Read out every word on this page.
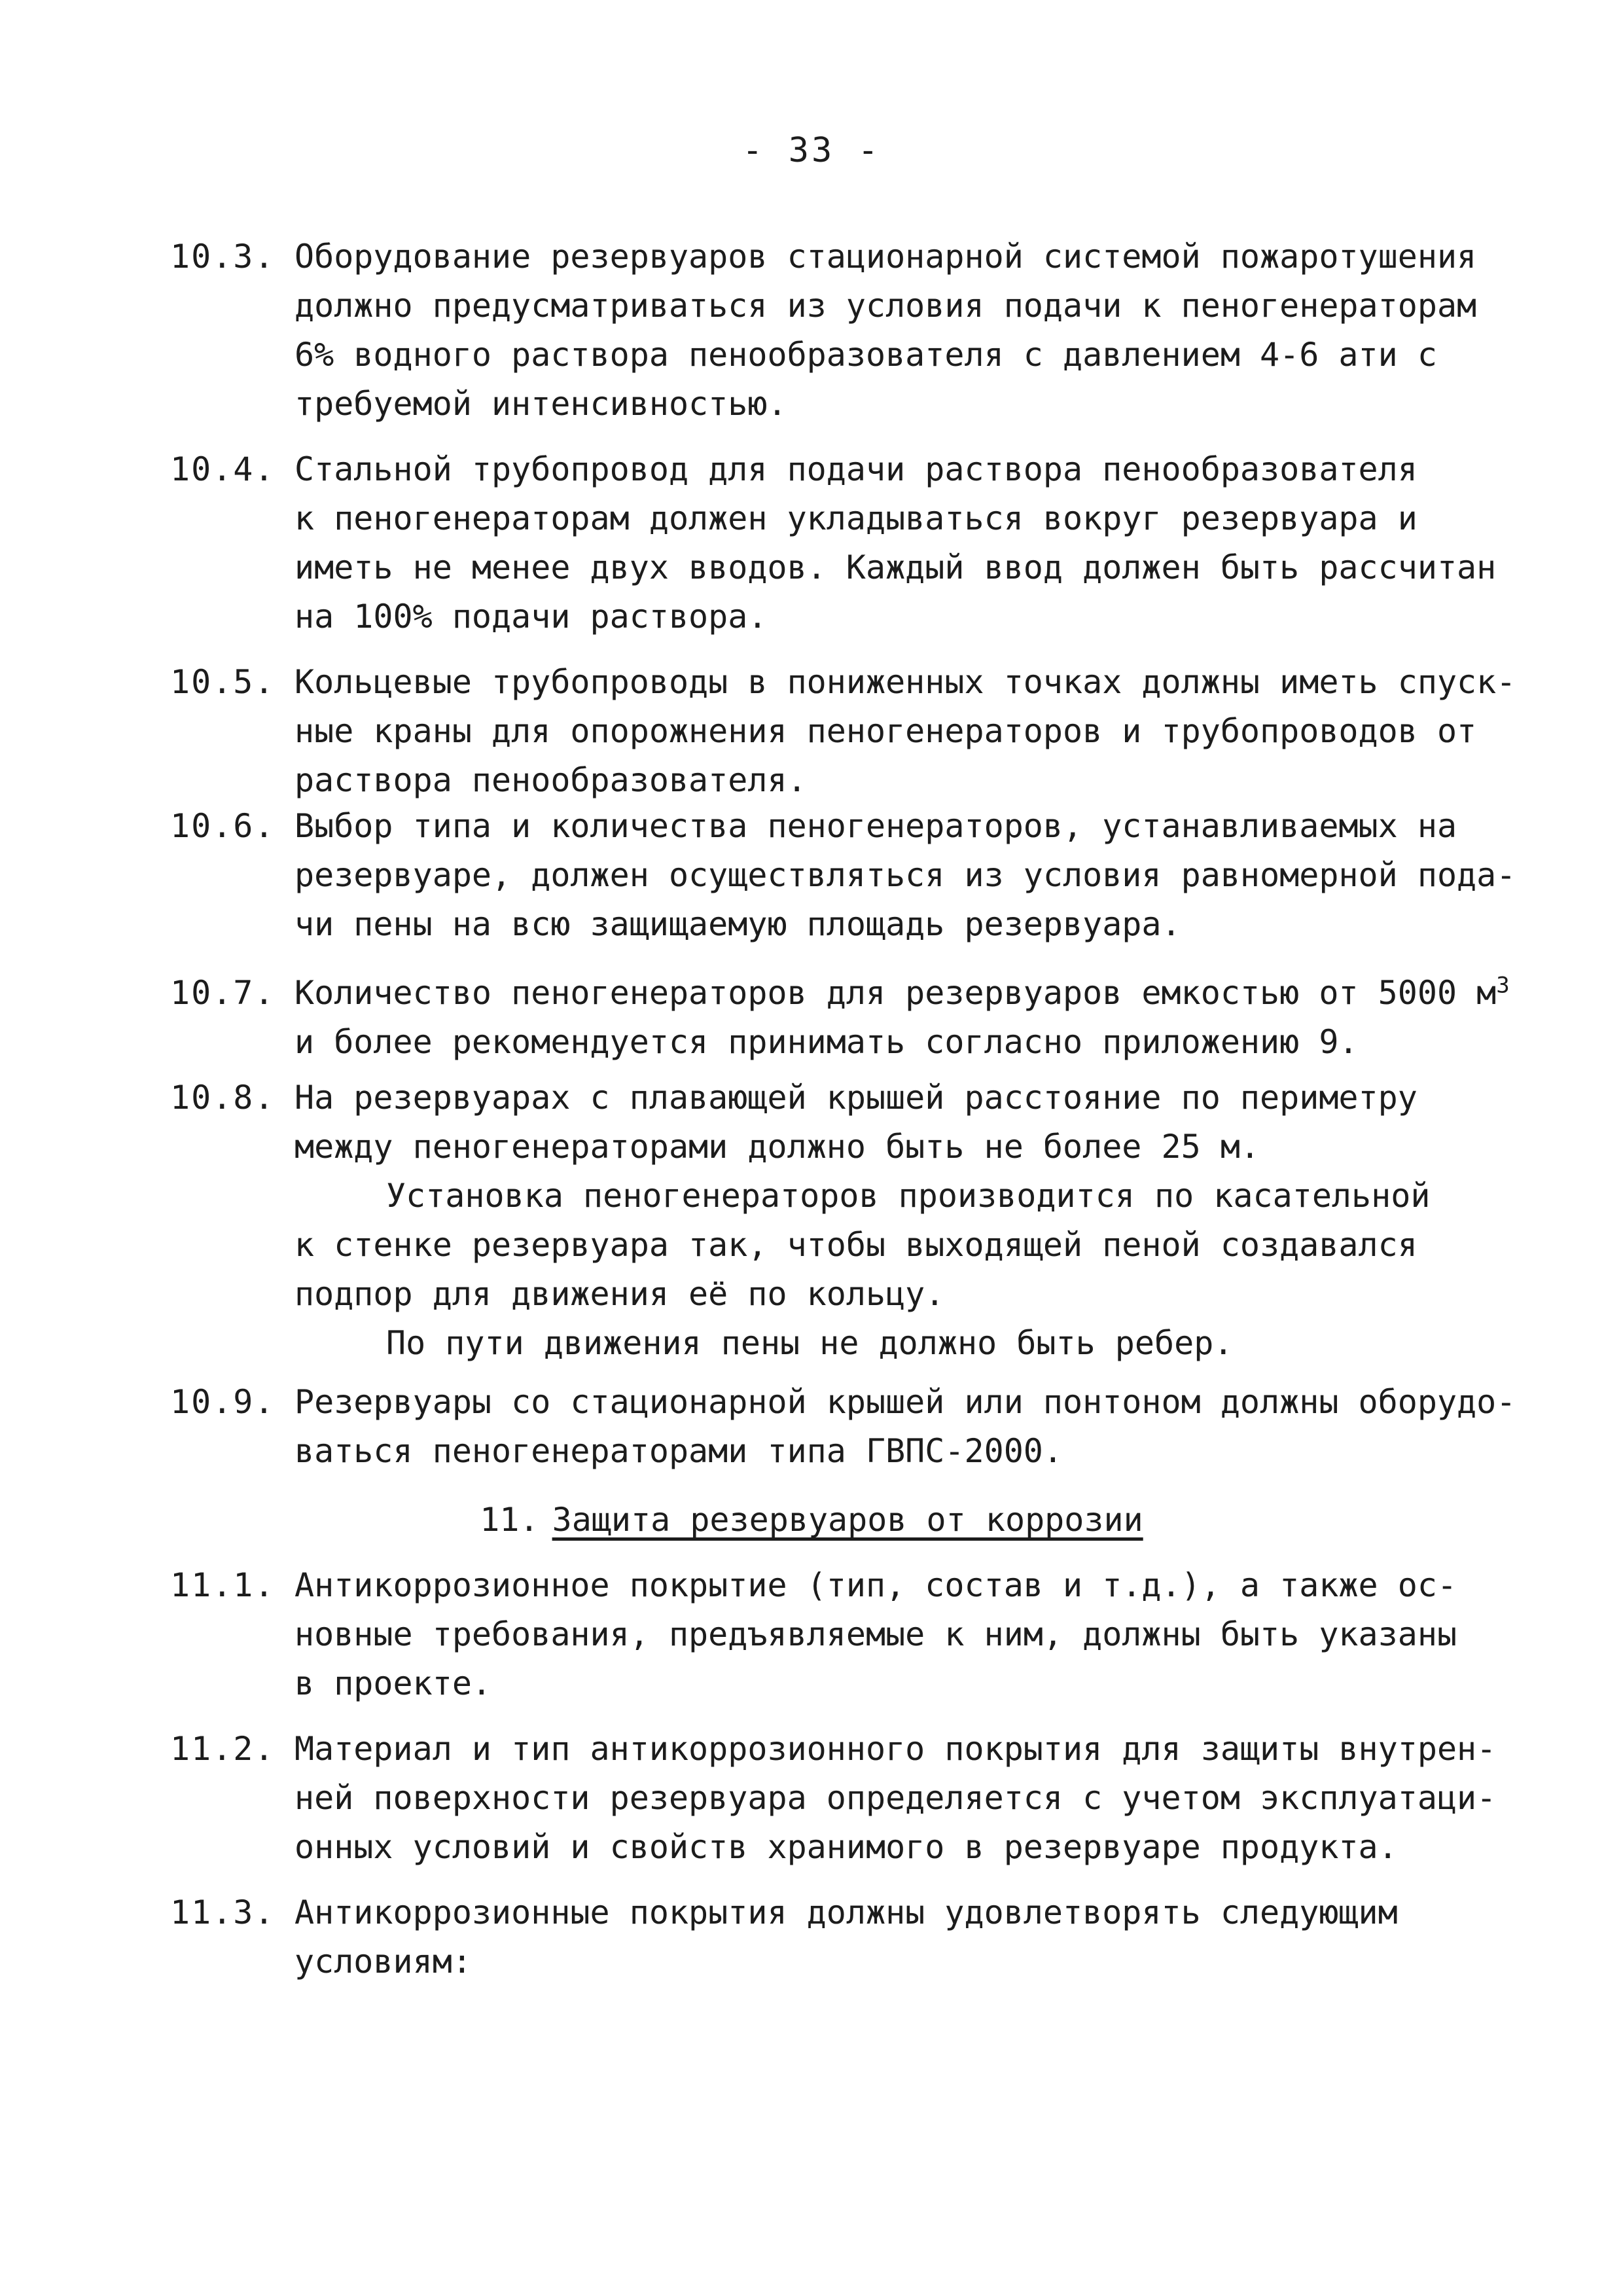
- 33 -
10.3. Оборудование резервуаров стационарной системой пожаротушения
должно предусматриваться из условия подачи к пеногенераторам
6% водного раствора пенообразователя с давлением 4-6 ати с
требуемой интенсивностью.
10.4. Стальной трубопровод для подачи раствора пенообразователя
к пеногенераторам должен укладываться вокруг резервуара и
иметь не менее двух вводов. Каждый ввод должен быть рассчитан
на 100% подачи раствора.
10.5. Кольцевые трубопроводы в пониженных точках должны иметь спуск-
ные краны для опорожнения пеногенераторов и трубопроводов от
раствора пенообразователя.
10.6. Выбор типа и количества пеногенераторов, устанавливаемых на
резервуаре, должен осуществляться из условия равномерной пода-
чи пены на всю защищаемую площадь резервуара.
10.7. Количество пеногенераторов для резервуаров емкостью от 5000 $м^3$
и более рекомендуется принимать согласно приложению 9.
10.8. На резервуарах с плавающей крышей расстояние по периметру
между пеногенераторами должно быть не более 25 м.
Установка пеногенераторов производится по касательной
к стенке резервуара так, чтобы выходящей пеной создавался
подпор для движения её по кольцу.
По пути движения пены не должно быть ребер.
10.9. Резервуары со стационарной крышей или понтоном должны оборудо-
ваться пеногенераторами типа ГВПС-2000.
11. Защита резервуаров от коррозии
11.1. Антикоррозионное покрытие (тип, состав и т.д.), а также ос-
новные требования, предъявляемые к ним, должны быть указаны
в проекте.
11.2. Материал и тип антикоррозионного покрытия для защиты внутрен-
ней поверхности резервуара определяется с учетом эксплуатаци-
онных условий и свойств хранимого в резервуаре продукта.
11.3. Антикоррозионные покрытия должны удовлетворять следующим
условиям:
